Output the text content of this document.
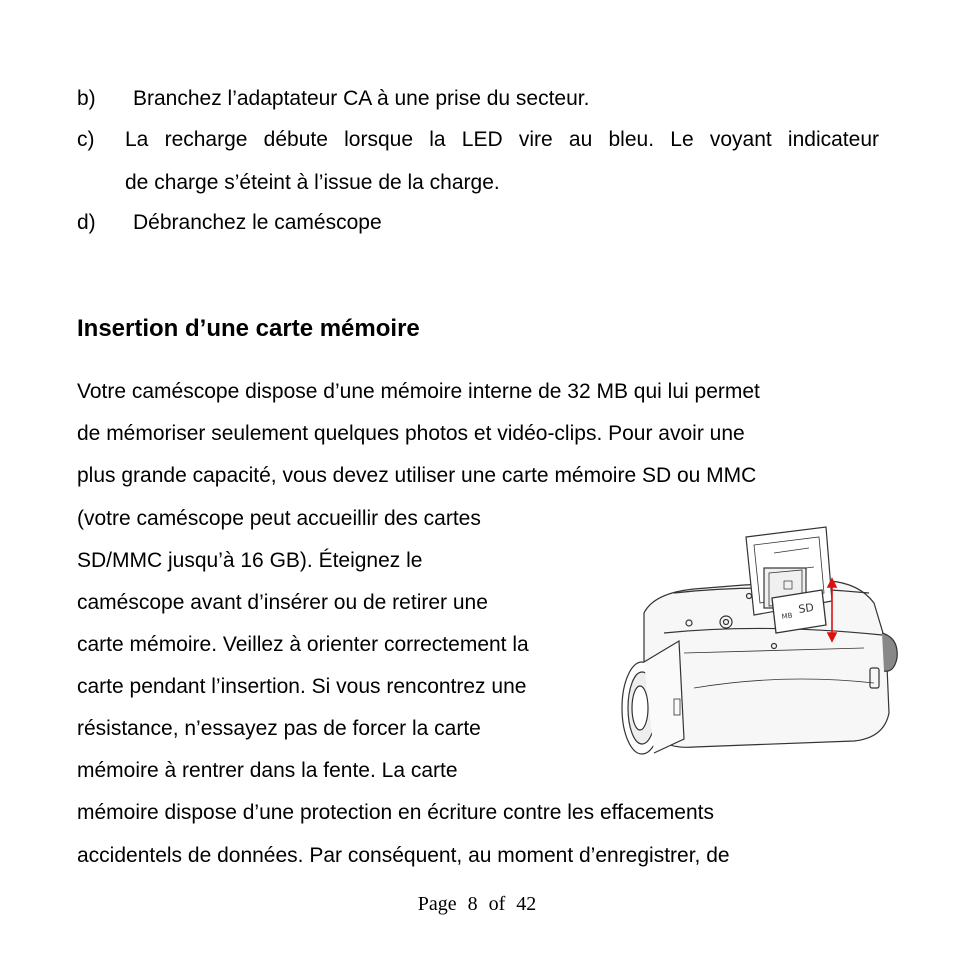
b) Branchez l’adaptateur CA à une prise du secteur.
c) La recharge débute lorsque la LED vire au bleu. Le voyant indicateur
de charge s’éteint à l’issue de la charge.
d) Débranchez le caméscope
Insertion d’une carte mémoire
Votre caméscope dispose d’une mémoire interne de 32 MB qui lui permet
de mémoriser seulement quelques photos et vidéo-clips. Pour avoir une
plus grande capacité, vous devez utiliser une carte mémoire SD ou MMC
(votre caméscope peut accueillir des cartes
SD/MMC jusqu’à 16 GB). Éteignez le
caméscope avant d’insérer ou de retirer une
carte mémoire. Veillez à orienter correctement la
carte pendant l’insertion. Si vous rencontrez une
résistance, n’essayez pas de forcer la carte
mémoire à rentrer dans la fente. La carte
mémoire dispose d’une protection en écriture contre les effacements
accidentels de données. Par conséquent, au moment d’enregistrer, de
SD
MB
Page 8 of 42
